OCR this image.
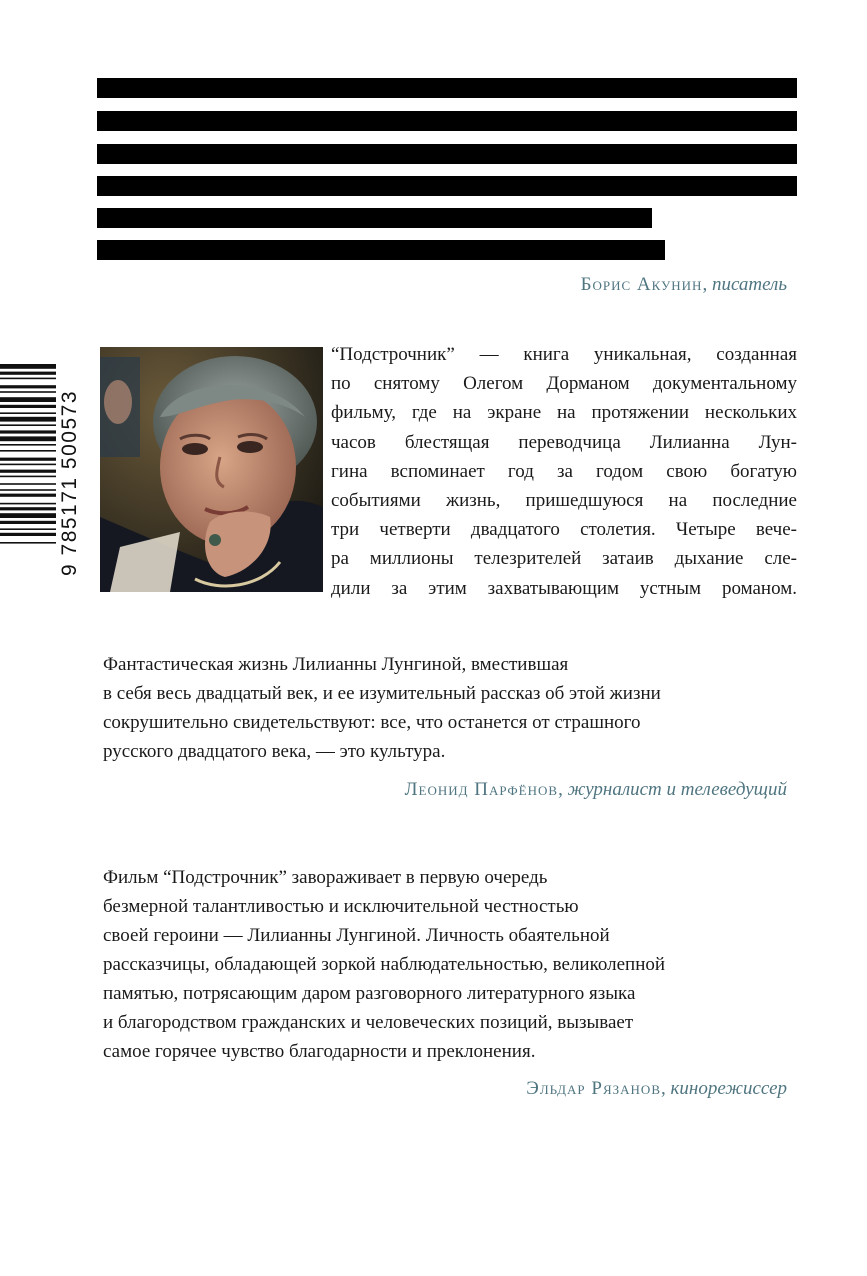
Борис Акунин, писатель
9 785171 500573
“Подстрочник” — книга уникальная, созданная
по снятому Олегом Дорманом документальному
фильму, где на экране на протяжении нескольких
часов блестящая переводчица Лилианна Лун-
гина вспоминает год за годом свою богатую
событиями жизнь, пришедшуюся на последние
три четверти двадцатого столетия. Четыре вече-
ра миллионы телезрителей затаив дыхание сле-
дили за этим захватывающим устным романом.
Фантастическая жизнь Лилианны Лунгиной, вместившая
в себя весь двадцатый век, и ее изумительный рассказ об этой жизни
сокрушительно свидетельствуют: все, что останется от страшного
русского двадцатого века, — это культура.
Леонид Парфёнов, журналист и телеведущий
Фильм “Подстрочник” завораживает в первую очередь
безмерной талантливостью и исключительной честностью
своей героини — Лилианны Лунгиной. Личность обаятельной
рассказчицы, обладающей зоркой наблюдательностью, великолепной
памятью, потрясающим даром разговорного литературного языка
и благородством гражданских и человеческих позиций, вызывает
самое горячее чувство благодарности и преклонения.
Эльдар Рязанов, кинорежиссер
